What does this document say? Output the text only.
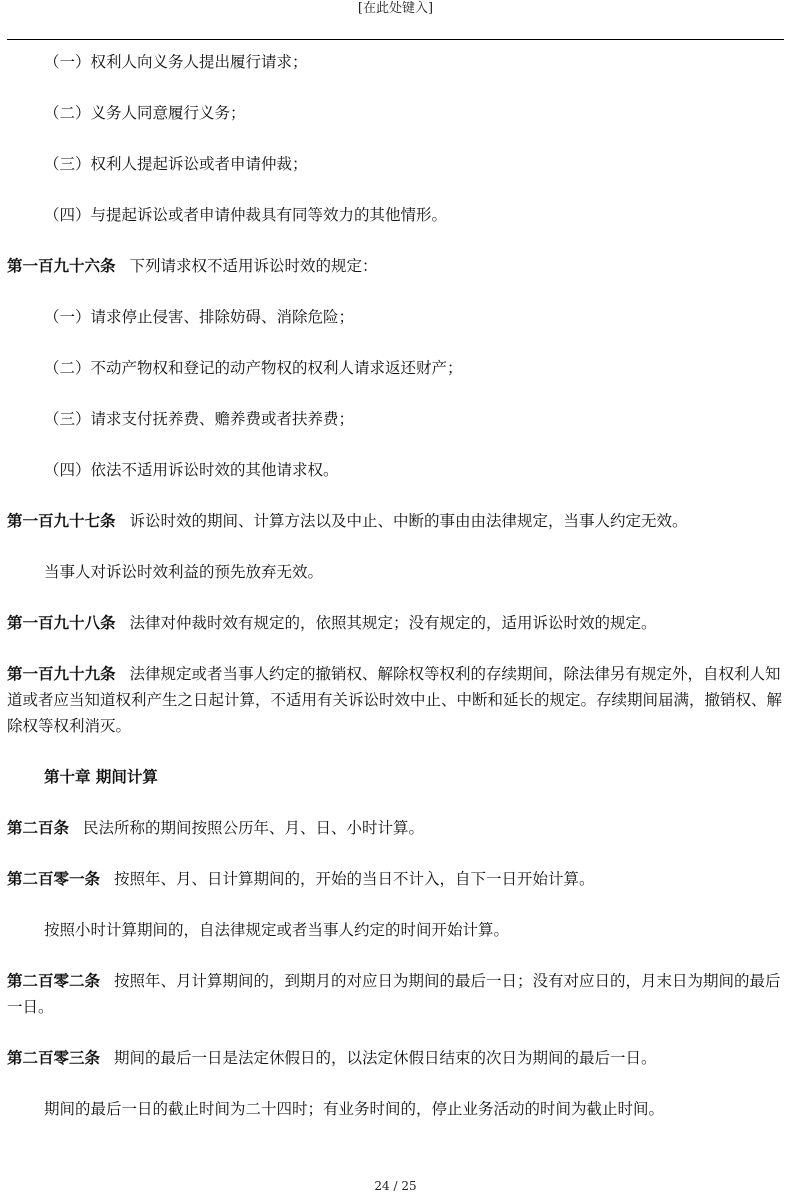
[在此处键入]

（一）权利人向义务人提出履行请求；

（二）义务人同意履行义务；

（三）权利人提起诉讼或者申请仲裁；

（四）与提起诉讼或者申请仲裁具有同等效力的其他情形。

第一百九十六条 下列请求权不适用诉讼时效的规定：

（一）请求停止侵害、排除妨碍、消除危险；

（二）不动产物权和登记的动产物权的权利人请求返还财产；

（三）请求支付抚养费、赡养费或者扶养费；

（四）依法不适用诉讼时效的其他请求权。

第一百九十七条 诉讼时效的期间、计算方法以及中止、中断的事由由法律规定，当事人约定无效。

当事人对诉讼时效利益的预先放弃无效。

第一百九十八条 法律对仲裁时效有规定的，依照其规定；没有规定的，适用诉讼时效的规定。

第一百九十九条 法律规定或者当事人约定的撤销权、解除权等权利的存续期间，除法律另有规定外，自权利人知道或者应当知道权利产生之日起计算，不适用有关诉讼时效中止、中断和延长的规定。存续期间届满，撤销权、解除权等权利消灭。

第十章 期间计算

第二百条 民法所称的期间按照公历年、月、日、小时计算。

第二百零一条 按照年、月、日计算期间的，开始的当日不计入，自下一日开始计算。

按照小时计算期间的，自法律规定或者当事人约定的时间开始计算。

第二百零二条 按照年、月计算期间的，到期月的对应日为期间的最后一日；没有对应日的，月末日为期间的最后一日。

第二百零三条 期间的最后一日是法定休假日的，以法定休假日结束的次日为期间的最后一日。

期间的最后一日的截止时间为二十四时；有业务时间的，停止业务活动的时间为截止时间。

24 / 25
